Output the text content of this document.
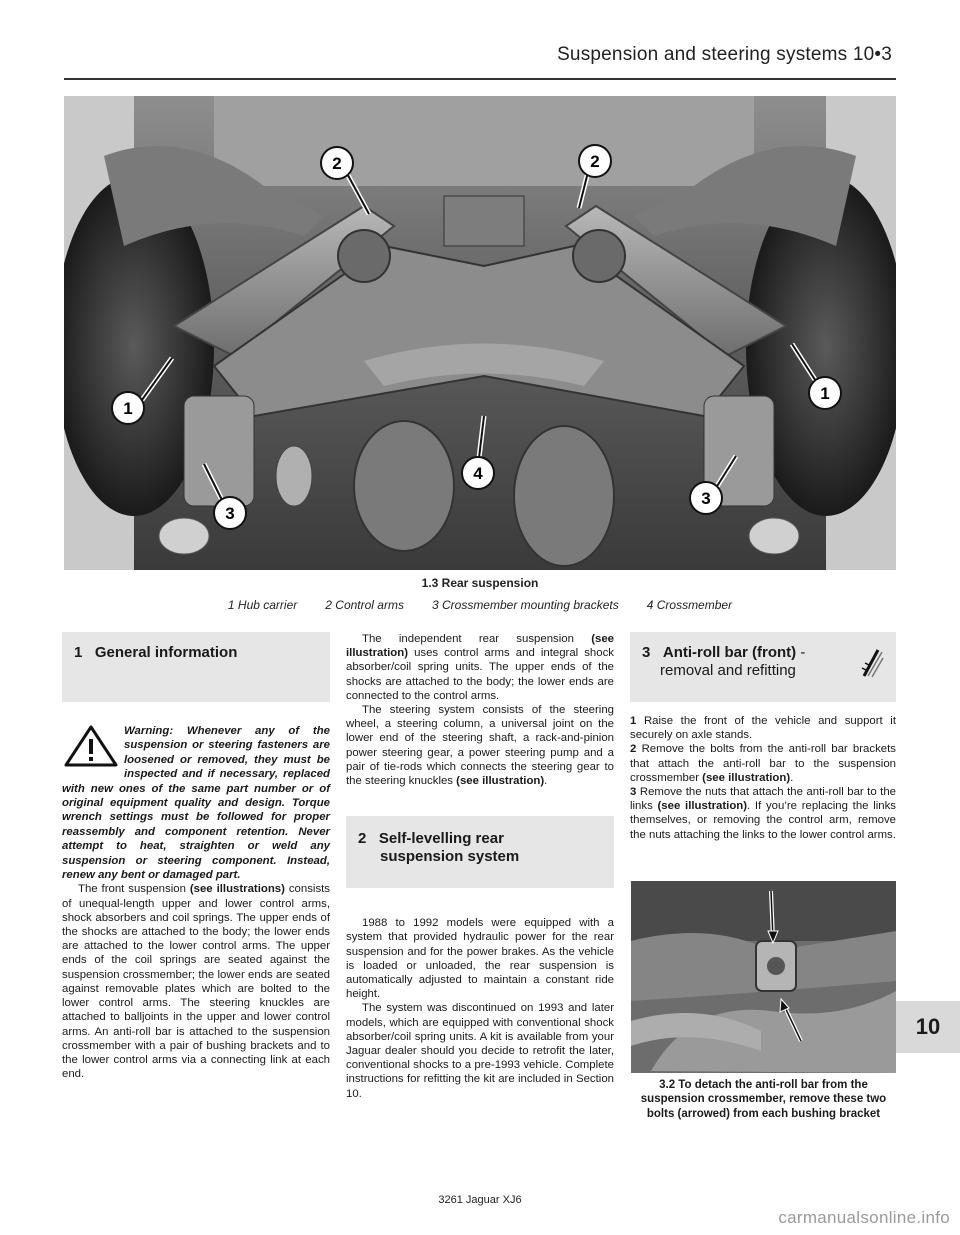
Suspension and steering systems 10•3
1
2	2
1
3
4
3
1.3 Rear suspension
1 Hub carrier 2 Control arms 3 Crossmember mounting brackets 4 Crossmember
1 General information
Warning: Whenever any of the suspension or steering fasteners are loosened or removed, they must be inspected and if necessary, replaced with new ones of the same part number or of original equipment quality and design. Torque wrench settings must be followed for proper reassembly and component retention. Never attempt to heat, straighten or weld any suspension or steering component. Instead, renew any bent or damaged part.

The front suspension (see illustrations) consists of unequal-length upper and lower control arms, shock absorbers and coil springs. The upper ends of the shocks are attached to the body; the lower ends are attached to the lower control arms. The upper ends of the coil springs are seated against the suspension crossmember; the lower ends are seated against removable plates which are bolted to the lower control arms. The steering knuckles are attached to balljoints in the upper and lower control arms. An anti-roll bar is attached to the suspension crossmember with a pair of bushing brackets and to the lower control arms via a connecting link at each end.

The independent rear suspension (see illustration) uses control arms and integral shock absorber/coil spring units. The upper ends of the shocks are attached to the body; the lower ends are connected to the control arms.

The steering system consists of the steering wheel, a steering column, a universal joint on the lower end of the steering shaft, a rack-and-pinion power steering gear, a power steering pump and a pair of tie-rods which connects the steering gear to the steering knuckles (see illustration).

2 Self-levelling rear
suspension system

1988 to 1992 models were equipped with a system that provided hydraulic power for the rear suspension and for the power brakes. As the vehicle is loaded or unloaded, the rear suspension is automatically adjusted to maintain a constant ride height.

The system was discontinued on 1993 and later models, which are equipped with conventional shock absorber/coil spring units. A kit is available from your Jaguar dealer should you decide to retrofit the later, conventional shocks to a pre-1993 vehicle. Complete instructions for refitting the kit are included in Section 10.

3 Anti-roll bar (front) -
removal and refitting

1 Raise the front of the vehicle and support it securely on axle stands.

2 Remove the bolts from the anti-roll bar brackets that attach the anti-roll bar to the suspension crossmember (see illustration).

3 Remove the nuts that attach the anti-roll bar to the links (see illustration). If you’re replacing the links themselves, or removing the control arm, remove the nuts attaching the links to the lower control arms.

3.2 To detach the anti-roll bar from the suspension crossmember, remove these two bolts (arrowed) from each bushing bracket
10
3261 Jaguar XJ6
carmanualsonline.info
